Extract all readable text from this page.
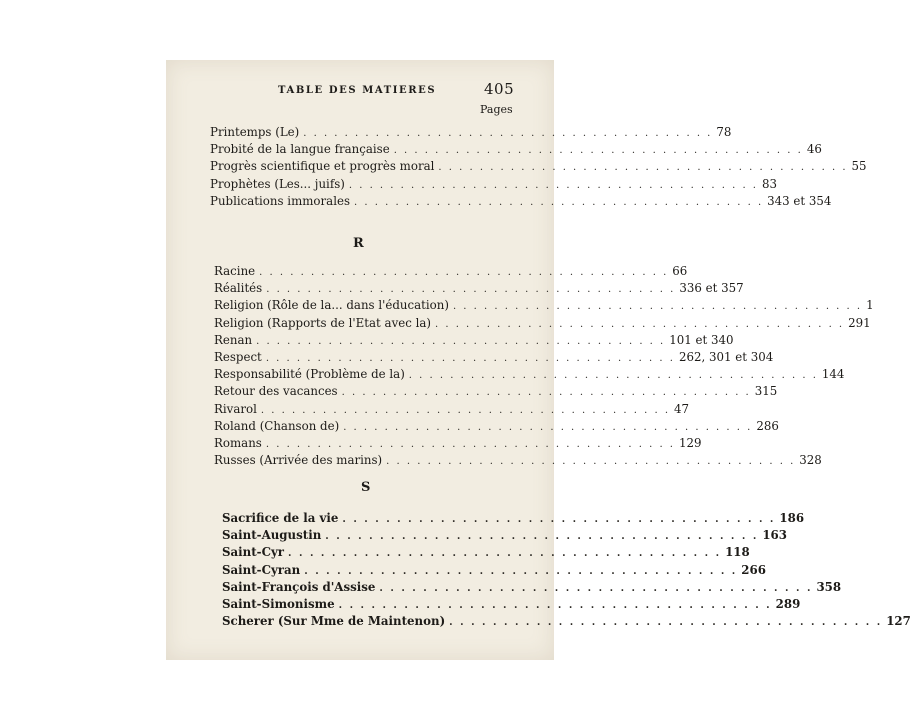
TABLE DES MATIERES	405
Pages
Printemps (Le) . . . . . . . . . . . . . . . . . . . . . . . . . . . . . . . . . . . . . . . . 78
Probité de la langue française . . . . . . . . . . . . . . . . . . . . . . . . . . . . . . . . . . . . . . . . 46
Progrès scientifique et progrès moral . . . . . . . . . . . . . . . . . . . . . . . . . . . . . . . . . . . . . . . . 55
Prophètes (Les... juifs) . . . . . . . . . . . . . . . . . . . . . . . . . . . . . . . . . . . . . . . . 83
Publications immorales . . . . . . . . . . . . . . . . . . . . . . . . . . . . . . . . . . . . . . . . 343 et 354
R
Racine . . . . . . . . . . . . . . . . . . . . . . . . . . . . . . . . . . . . . . . . 66
Réalités . . . . . . . . . . . . . . . . . . . . . . . . . . . . . . . . . . . . . . . . 336 et 357
Religion (Rôle de la... dans l'éducation) . . . . . . . . . . . . . . . . . . . . . . . . . . . . . . . . . . . . . . . . 1
Religion (Rapports de l'Etat avec la) . . . . . . . . . . . . . . . . . . . . . . . . . . . . . . . . . . . . . . . . 291
Renan . . . . . . . . . . . . . . . . . . . . . . . . . . . . . . . . . . . . . . . . 101 et 340
Respect . . . . . . . . . . . . . . . . . . . . . . . . . . . . . . . . . . . . . . . . 262, 301 et 304
Responsabilité (Problème de la) . . . . . . . . . . . . . . . . . . . . . . . . . . . . . . . . . . . . . . . . 144
Retour des vacances . . . . . . . . . . . . . . . . . . . . . . . . . . . . . . . . . . . . . . . . 315
Rivarol . . . . . . . . . . . . . . . . . . . . . . . . . . . . . . . . . . . . . . . . 47
Roland (Chanson de) . . . . . . . . . . . . . . . . . . . . . . . . . . . . . . . . . . . . . . . . 286
Romans . . . . . . . . . . . . . . . . . . . . . . . . . . . . . . . . . . . . . . . . 129
Russes (Arrivée des marins) . . . . . . . . . . . . . . . . . . . . . . . . . . . . . . . . . . . . . . . . 328
S
Sacrifice de la vie . . . . . . . . . . . . . . . . . . . . . . . . . . . . . . . . . . . . . . . . 186
Saint-Augustin . . . . . . . . . . . . . . . . . . . . . . . . . . . . . . . . . . . . . . . . 163
Saint-Cyr . . . . . . . . . . . . . . . . . . . . . . . . . . . . . . . . . . . . . . . . 118
Saint-Cyran . . . . . . . . . . . . . . . . . . . . . . . . . . . . . . . . . . . . . . . . 266
Saint-François d'Assise . . . . . . . . . . . . . . . . . . . . . . . . . . . . . . . . . . . . . . . . 358
Saint-Simonisme . . . . . . . . . . . . . . . . . . . . . . . . . . . . . . . . . . . . . . . . 289
Scherer (Sur Mme de Maintenon) . . . . . . . . . . . . . . . . . . . . . . . . . . . . . . . . . . . . . . . . 127
